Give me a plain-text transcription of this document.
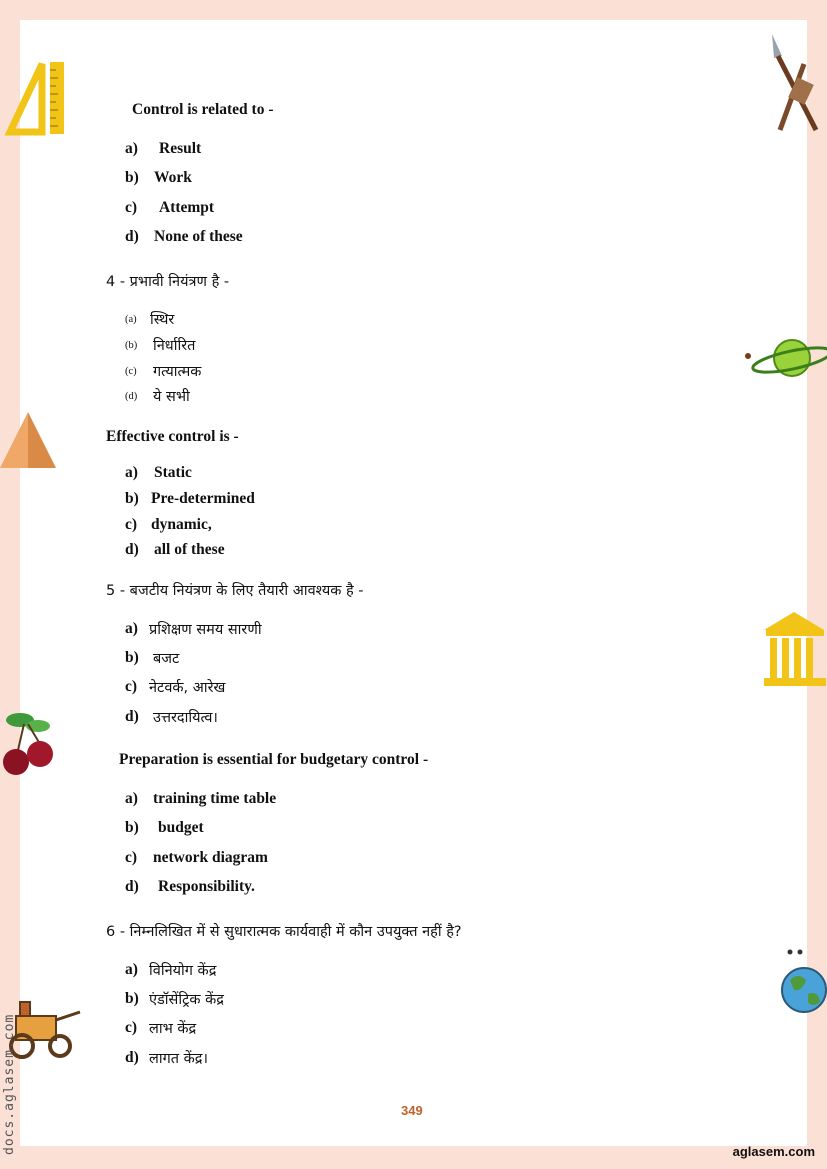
Control is related to -
a) Result
b) Work
c) Attempt
d) None of these
4 - प्रभावी नियंत्रण है -
(a) स्थिर
(b) निर्धारित
(c) गत्यात्मक
(d) ये सभी
Effective control is -
a) Static
b) Pre-determined
c) dynamic,
d) all of these
5 - बजटीय नियंत्रण के लिए तैयारी आवश्यक है -
a) प्रशिक्षण समय सारणी
b) बजट
c) नेटवर्क, आरेख
d) उत्तरदायित्व।
Preparation is essential for budgetary control -
a) training time table
b) budget
c) network diagram
d) Responsibility.
6 - निम्नलिखित में से सुधारात्मक कार्यवाही में कौन उपयुक्त नहीं है?
a) विनियोग केंद्र
b) एंडॉसेंट्रिक केंद्र
c) लाभ केंद्र
d) लागत केंद्र।
349
aglasem.com
docs.aglasem.com
